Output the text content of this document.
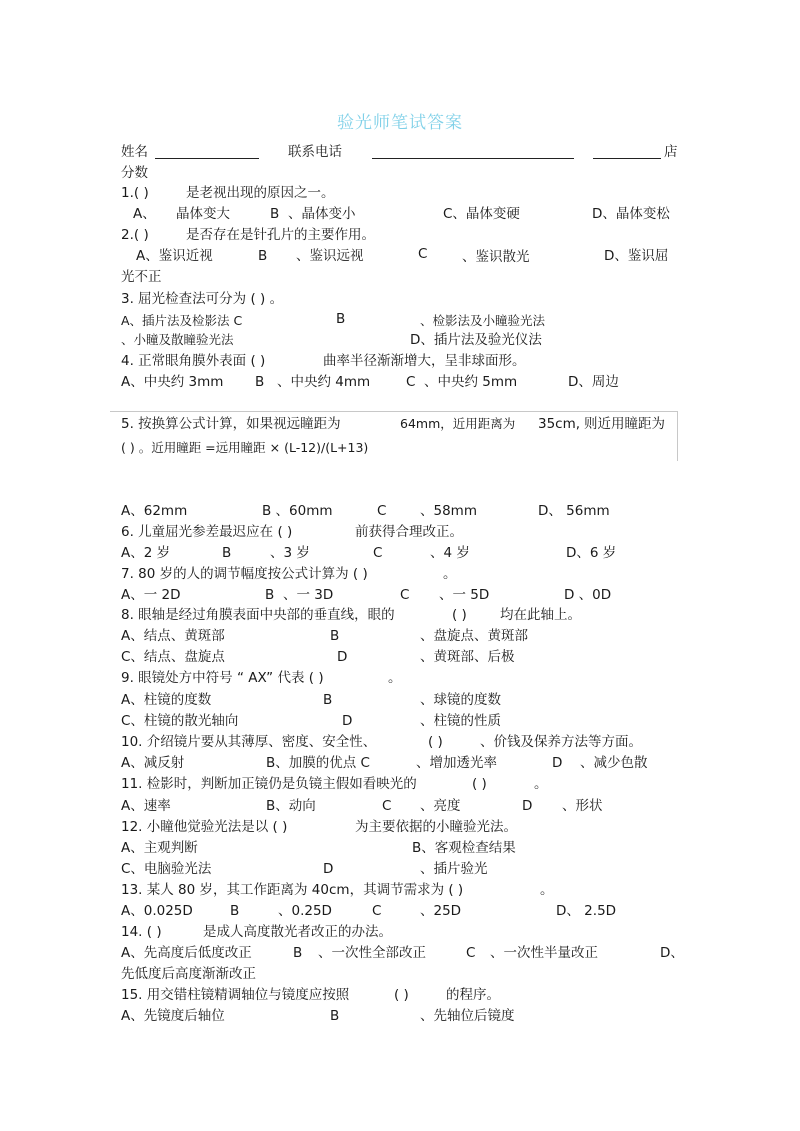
验光师笔试答案
姓名	联系电话	店
分数
1.( )	是老视出现的原因之一。
A、 晶体变大	B 、晶体变小	C、晶体变硬	D、晶体变松
2.( )	是否存在是针孔片的主要作用。
A、鉴识近视	B 、鉴识远视	C	、鉴识散光	D、鉴识屈
光不正
3. 屈光检查法可分为 ( ) 。
A、插片法及检影法 C	B	、检影法及小瞳验光法
、小瞳及散瞳验光法	D、插片法及验光仪法
4. 正常眼角膜外表面 ( )	曲率半径渐渐增大，呈非球面形。
A、中央约 3mm B 、中央约 4mm	C 、中央约 5mm	D、周边
5. 按换算公式计算，如果视远瞳距为	64mm，近用距离为 35cm, 则近用瞳距为
( ) 。近用瞳距 =远用瞳距 × (L-12)/(L+13)
A、62mm	B 、60mm	C 、58mm	D、 56mm
6. 儿童屈光参差最迟应在 ( )	前获得合理改正。
A、2 岁	B	、3 岁	C	、4 岁	D、6 岁
7. 80 岁的人的调节幅度按公式计算为 ( )	。
A、一 2D	B 、一 3D	C 、一 5D	D 、0D
8. 眼轴是经过角膜表面中央部的垂直线，眼的	( ) 均在此轴上。
A、结点、黄斑部	B	、盘旋点、黄斑部
C、结点、盘旋点	D	、黄斑部、后极
9. 眼镜处方中符号 “ AX” 代表 ( )	。
A、柱镜的度数	B	、球镜的度数
C、柱镜的散光轴向	D	、柱镜的性质
10. 介绍镜片要从其薄厚、密度、安全性、	( )	、价钱及保养方法等方面。
A、减反射	B、加膜的优点 C	、增加透光率	D 、减少色散
11. 检影时，判断加正镜仍是负镜主假如看映光的	( )	。
A、速率	B、动向	C 、亮度	D 、形状
12. 小瞳他觉验光法是以 ( )	为主要依据的小瞳验光法。
A、主观判断	B、客观检查结果
C、电脑验光法	D	、插片验光
13. 某人 80 岁，其工作距离为 40cm，其调节需求为 ( )	。
A、0.025D	B	、0.25D	C	、25D	D、 2.5D
14. ( )	是成人高度散光者改正的办法。
A、先高度后低度改正	B 、一次性全部改正	C 、一次性半量改正	D、
先低度后高度渐渐改正
15. 用交错柱镜精调轴位与镜度应按照	( )	的程序。
A、先镜度后轴位	B	、先轴位后镜度
